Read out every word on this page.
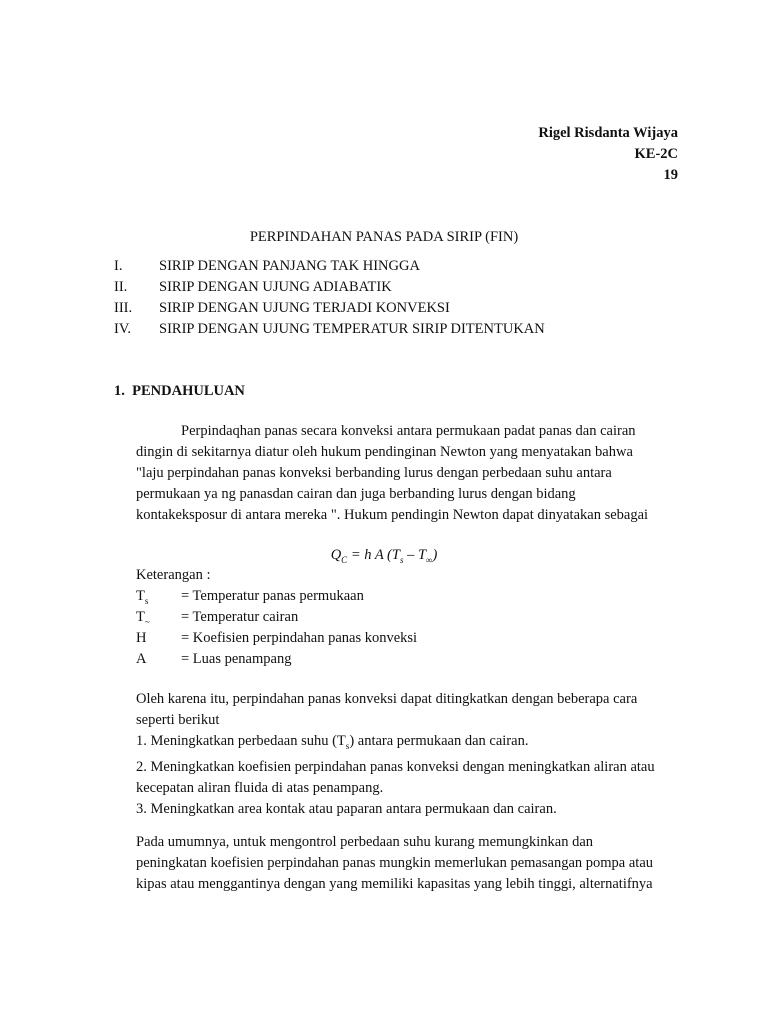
Rigel Risdanta Wijaya
KE-2C
19
PERPINDAHAN PANAS PADA SIRIP (FIN)
I.	SIRIP DENGAN PANJANG TAK HINGGA
II. SIRIP DENGAN UJUNG ADIABATIK
III. SIRIP DENGAN UJUNG TERJADI KONVEKSI
IV. SIRIP DENGAN UJUNG TEMPERATUR SIRIP DITENTUKAN
1.  PENDAHULUAN

Perpindaqhan panas secara konveksi antara permukaan padat panas dan cairan

dingin di sekitarnya diatur oleh hukum pendinginan Newton yang menyatakan bahwa

"laju perpindahan panas konveksi berbanding lurus dengan perbedaan suhu antara

permukaan ya ng panasdan cairan dan juga berbanding lurus dengan bidang

kontakeksposur di antara mereka ". Hukum pendingin Newton dapat dinyatakan sebagai

$Q_C = h$ A $(T_s - T_\infty)$
Keterangan :
$T_s$ = Temperatur panas permukaan
$T_\sim$ = Temperatur cairan
H = Koefisien perpindahan panas konveksi
A = Luas penampang

Oleh karena itu, perpindahan panas konveksi dapat ditingkatkan dengan beberapa cara

seperti berikut

1. Meningkatkan perbedaan suhu $(T_s)$ antara permukaan dan cairan.

2. Meningkatkan koefisien perpindahan panas konveksi dengan meningkatkan aliran atau

kecepatan aliran fluida di atas penampang.

3. Meningkatkan area kontak atau paparan antara permukaan dan cairan.

Pada umumnya, untuk mengontrol perbedaan suhu kurang memungkinkan dan

peningkatan koefisien perpindahan panas mungkin memerlukan pemasangan pompa atau

kipas atau menggantinya dengan yang memiliki kapasitas yang lebih tinggi, alternatifnya
